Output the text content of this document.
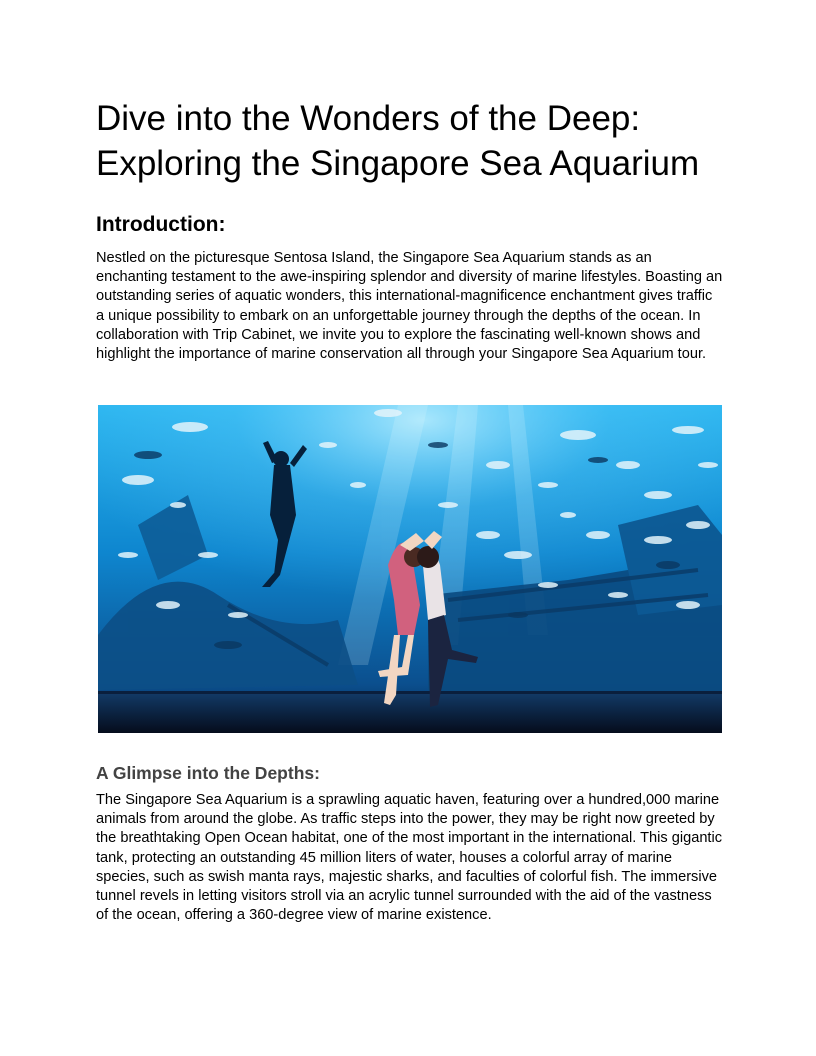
Dive into the Wonders of the Deep: Exploring the Singapore Sea Aquarium
Introduction:

Nestled on the picturesque Sentosa Island, the Singapore Sea Aquarium stands as an enchanting testament to the awe-inspiring splendor and diversity of marine lifestyles. Boasting an outstanding series of aquatic wonders, this international-magnificence enchantment gives traffic a unique possibility to embark on an unforgettable journey through the depths of the ocean. In collaboration with Trip Cabinet, we invite you to explore the fascinating well-known shows and highlight the importance of marine conservation all through your Singapore Sea Aquarium tour.

A Glimpse into the Depths:

The Singapore Sea Aquarium is a sprawling aquatic haven, featuring over a hundred,000 marine animals from around the globe. As traffic steps into the power, they may be right now greeted by the breathtaking Open Ocean habitat, one of the most important in the international. This gigantic tank, protecting an outstanding 45 million liters of water, houses a colorful array of marine species, such as swish manta rays, majestic sharks, and faculties of colorful fish. The immersive tunnel revels in letting visitors stroll via an acrylic tunnel surrounded with the aid of the vastness of the ocean, offering a 360-degree view of marine existence.
